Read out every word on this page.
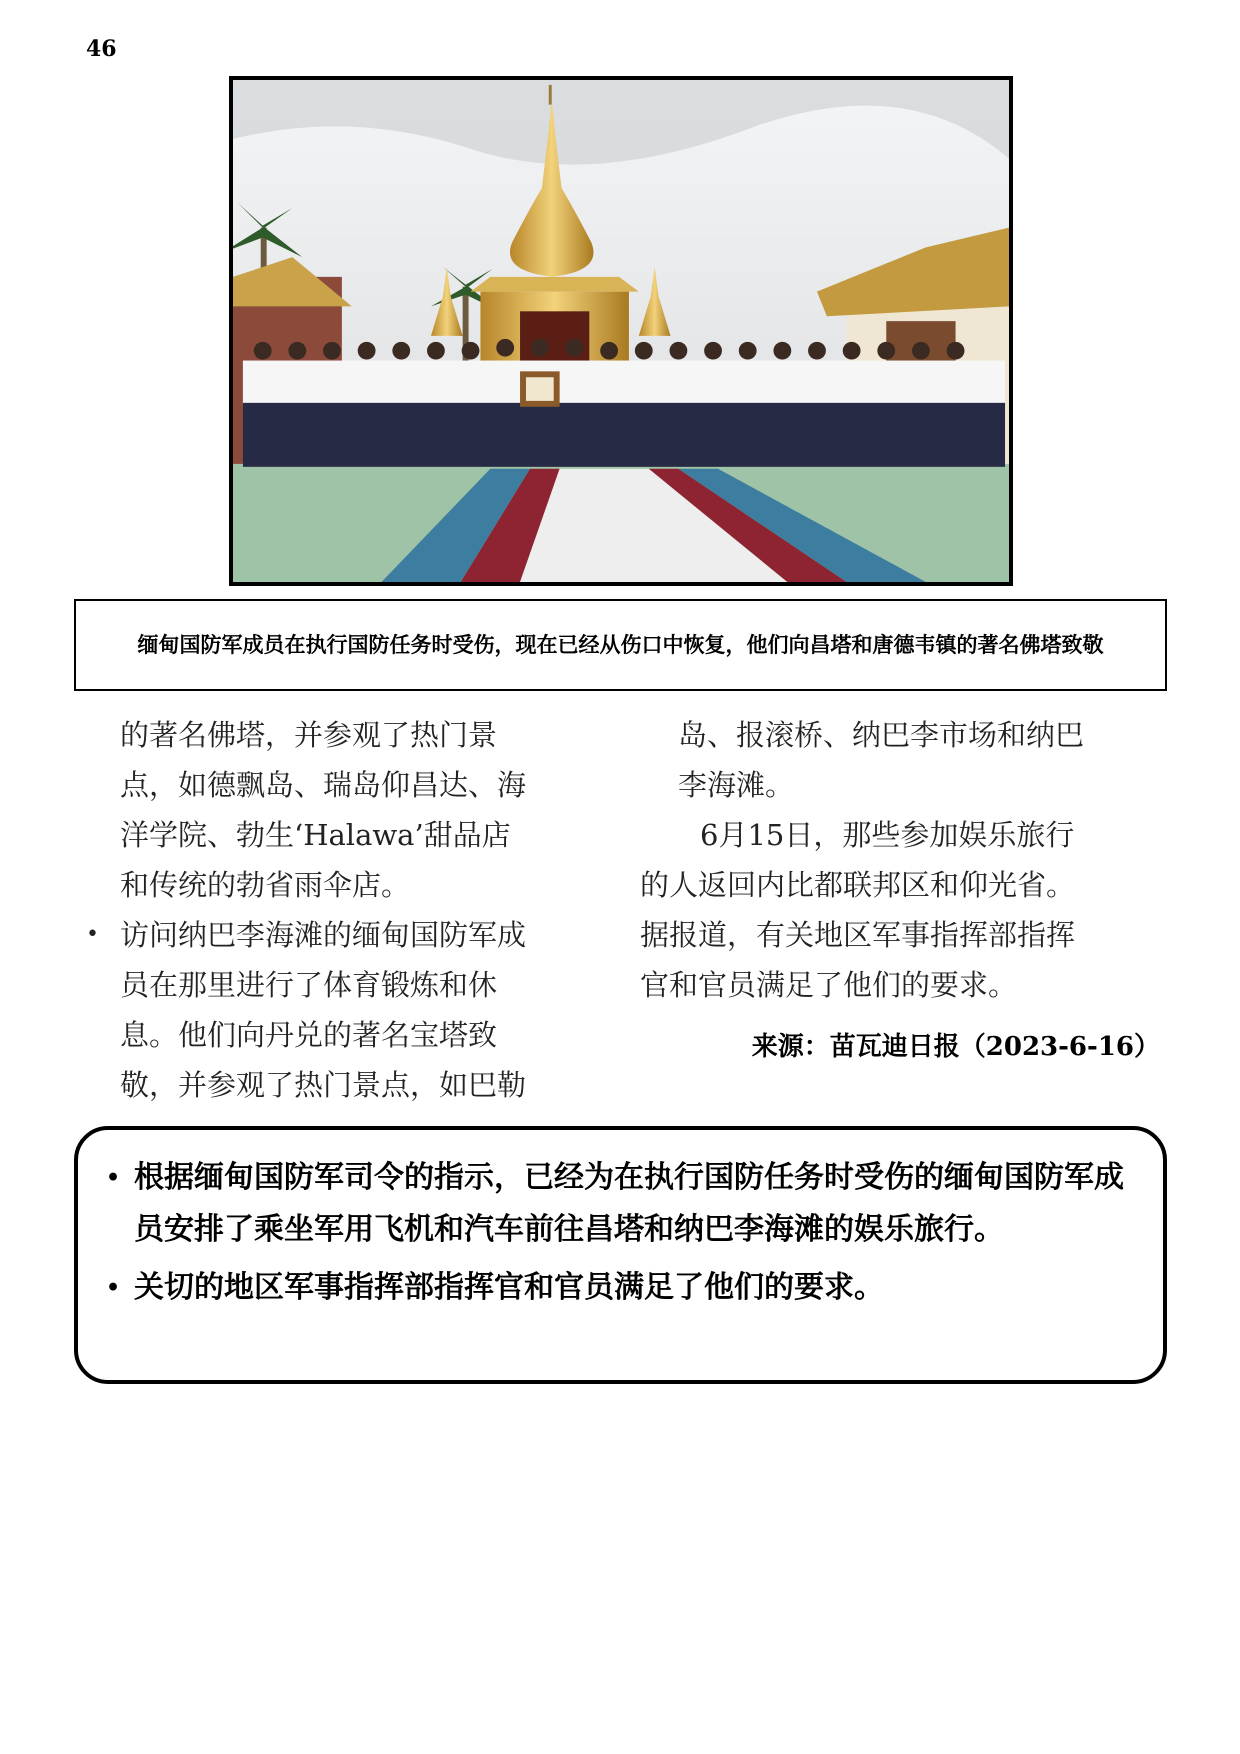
46
缅甸国防军成员在执行国防任务时受伤，现在已经从伤口中恢复，他们向昌塔和唐德韦镇的著名佛塔致敬

的著名佛塔，并参观了热门景

点，如德飘岛、瑞岛仰昌达、海

洋学院、勃生‘Halawa’甜品店

和传统的勃省雨伞店。

• 访问纳巴李海滩的缅甸国防军成

员在那里进行了体育锻炼和休

息。他们向丹兑的著名宝塔致

敬，并参观了热门景点，如巴勒

岛、报滚桥、纳巴李市场和纳巴

李海滩。

6月15日，那些参加娱乐旅行

的人返回内比都联邦区和仰光省。

据报道，有关地区军事指挥部指挥

官和官员满足了他们的要求。

来源：苗瓦迪日报（2023-6-16）

• 根据缅甸国防军司令的指示，已经为在执行国防任务时受伤的缅甸国防军成员安排了乘坐军用飞机和汽车前往昌塔和纳巴李海滩的娱乐旅行。
• 关切的地区军事指挥部指挥官和官员满足了他们的要求。
